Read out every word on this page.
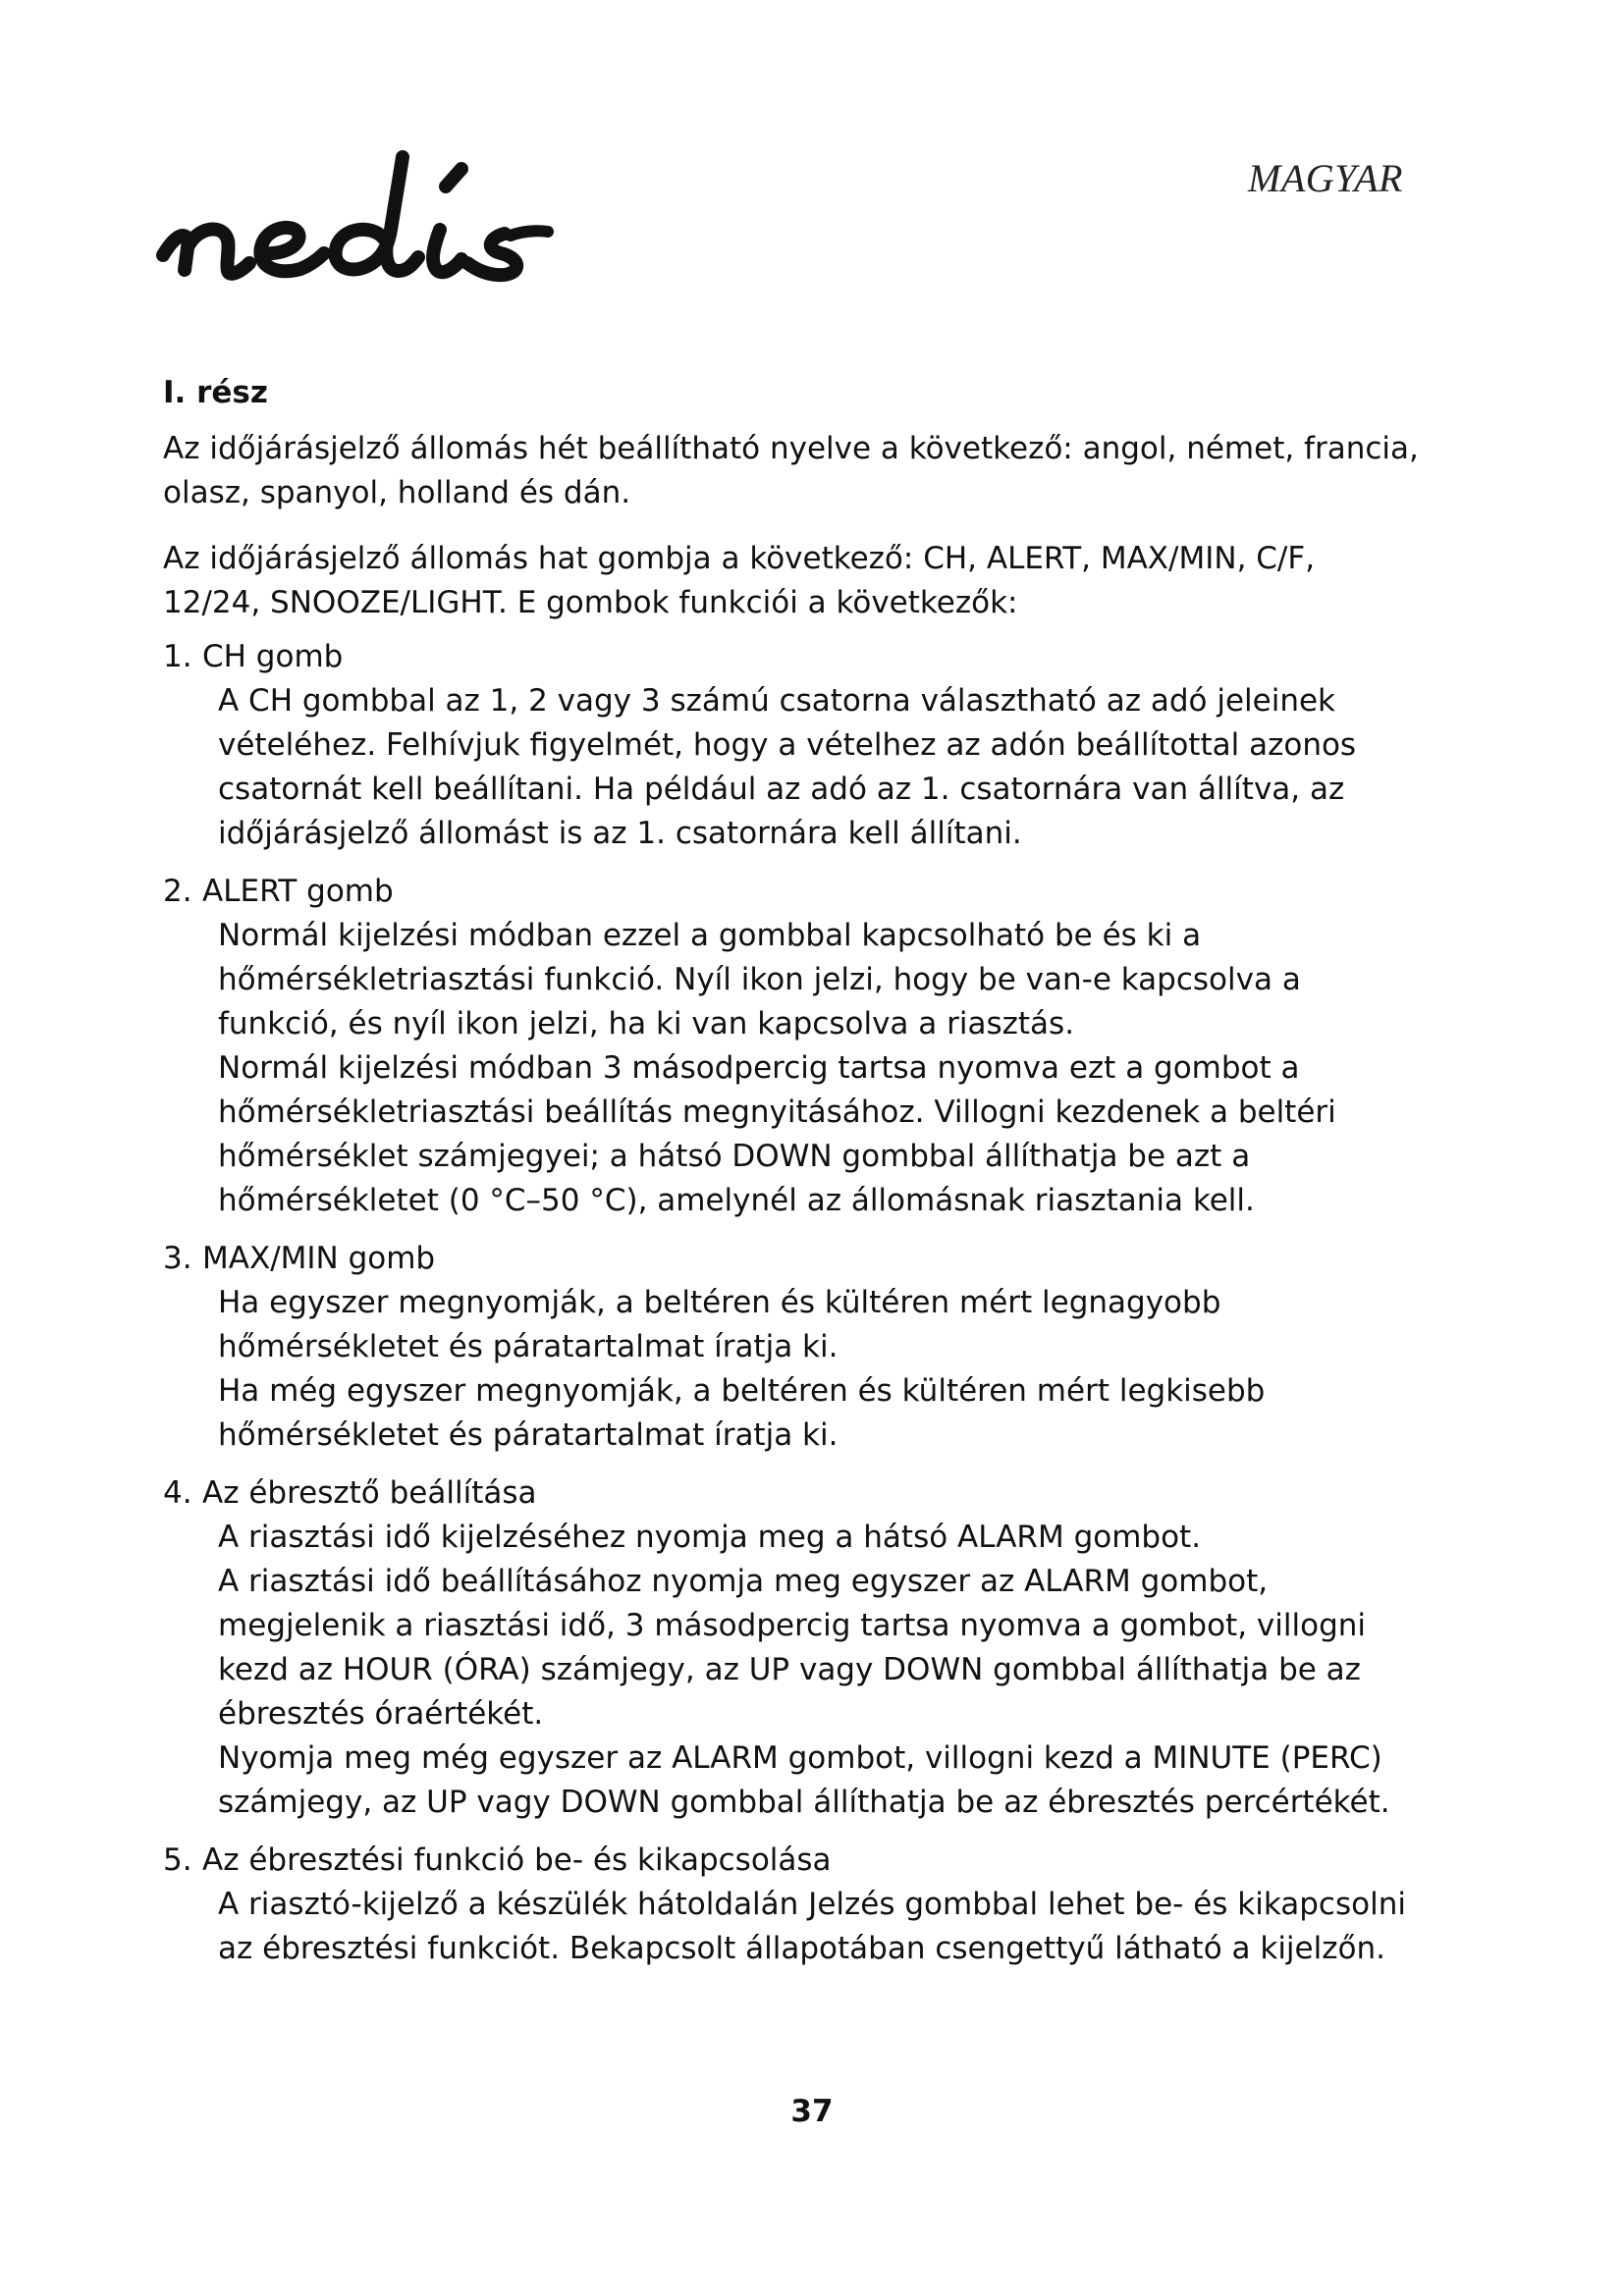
nedis
MAGYAR
I. rész

Az időjárásjelző állomás hét beállítható nyelve a következő: angol, német, francia, olasz, spanyol, holland és dán.

Az időjárásjelző állomás hat gombja a következő: CH, ALERT, MAX/MIN, C/F, 12/24, SNOOZE/LIGHT. E gombok funkciói a következők:

1. CH gomb

A CH gombbal az 1, 2 vagy 3 számú csatorna választható az adó jeleinek vételéhez. Felhívjuk figyelmét, hogy a vételhez az adón beállítottal azonos csatornát kell beállítani. Ha például az adó az 1. csatornára van állítva, az időjárásjelző állomást is az 1. csatornára kell állítani.

2. ALERT gomb

Normál kijelzési módban ezzel a gombbal kapcsolható be és ki a hőmérsékletriasztási funkció. Nyíl ikon jelzi, hogy be van-e kapcsolva a funkció, és nyíl ikon jelzi, ha ki van kapcsolva a riasztás.

Normál kijelzési módban 3 másodpercig tartsa nyomva ezt a gombot a hőmérsékletriasztási beállítás megnyitásához. Villogni kezdenek a beltéri hőmérséklet számjegyei; a hátsó DOWN gombbal állíthatja be azt a hőmérsékletet (0 °C–50 °C), amelynél az állomásnak riasztania kell.

3. MAX/MIN gomb

Ha egyszer megnyomják, a beltéren és kültéren mért legnagyobb hőmérsékletet és páratartalmat íratja ki.

Ha még egyszer megnyomják, a beltéren és kültéren mért legkisebb hőmérsékletet és páratartalmat íratja ki.

4. Az ébresztő beállítása

A riasztási idő kijelzéséhez nyomja meg a hátsó ALARM gombot.

A riasztási idő beállításához nyomja meg egyszer az ALARM gombot, megjelenik a riasztási idő, 3 másodpercig tartsa nyomva a gombot, villogni kezd az HOUR (ÓRA) számjegy, az UP vagy DOWN gombbal állíthatja be az ébresztés óraértékét.

Nyomja meg még egyszer az ALARM gombot, villogni kezd a MINUTE (PERC) számjegy, az UP vagy DOWN gombbal állíthatja be az ébresztés percértékét.

5. Az ébresztési funkció be- és kikapcsolása

A riasztó-kijelző a készülék hátoldalán Jelzés gombbal lehet be- és kikapcsolni az ébresztési funkciót. Bekapcsolt állapotában csengettyű látható a kijelzőn.

37
